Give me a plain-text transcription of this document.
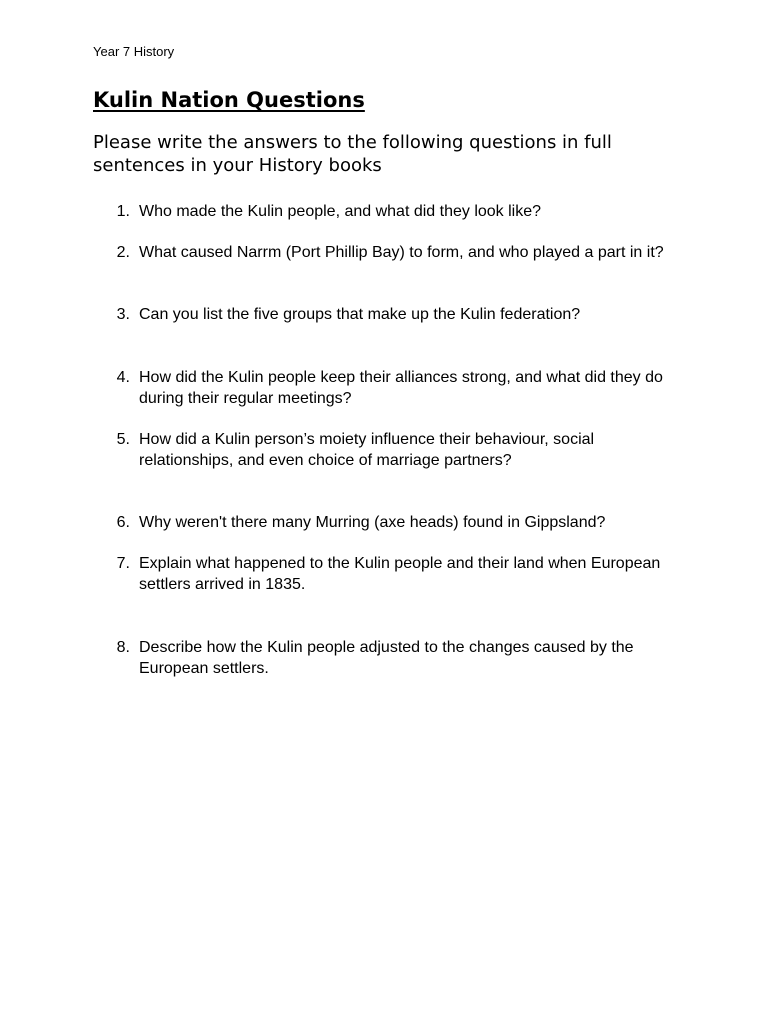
Year 7 History
Kulin Nation Questions

Please write the answers to the following questions in full sentences in your History books

1. Who made the Kulin people, and what did they look like?
2. What caused Narrm (Port Phillip Bay) to form, and who played a part in it?
3. Can you list the five groups that make up the Kulin federation?
4. How did the Kulin people keep their alliances strong, and what did they do during their regular meetings?
5. How did a Kulin person’s moiety influence their behaviour, social relationships, and even choice of marriage partners?
6. Why weren't there many Murring (axe heads) found in Gippsland?
7. Explain what happened to the Kulin people and their land when European settlers arrived in 1835.
8. Describe how the Kulin people adjusted to the changes caused by the European settlers.
